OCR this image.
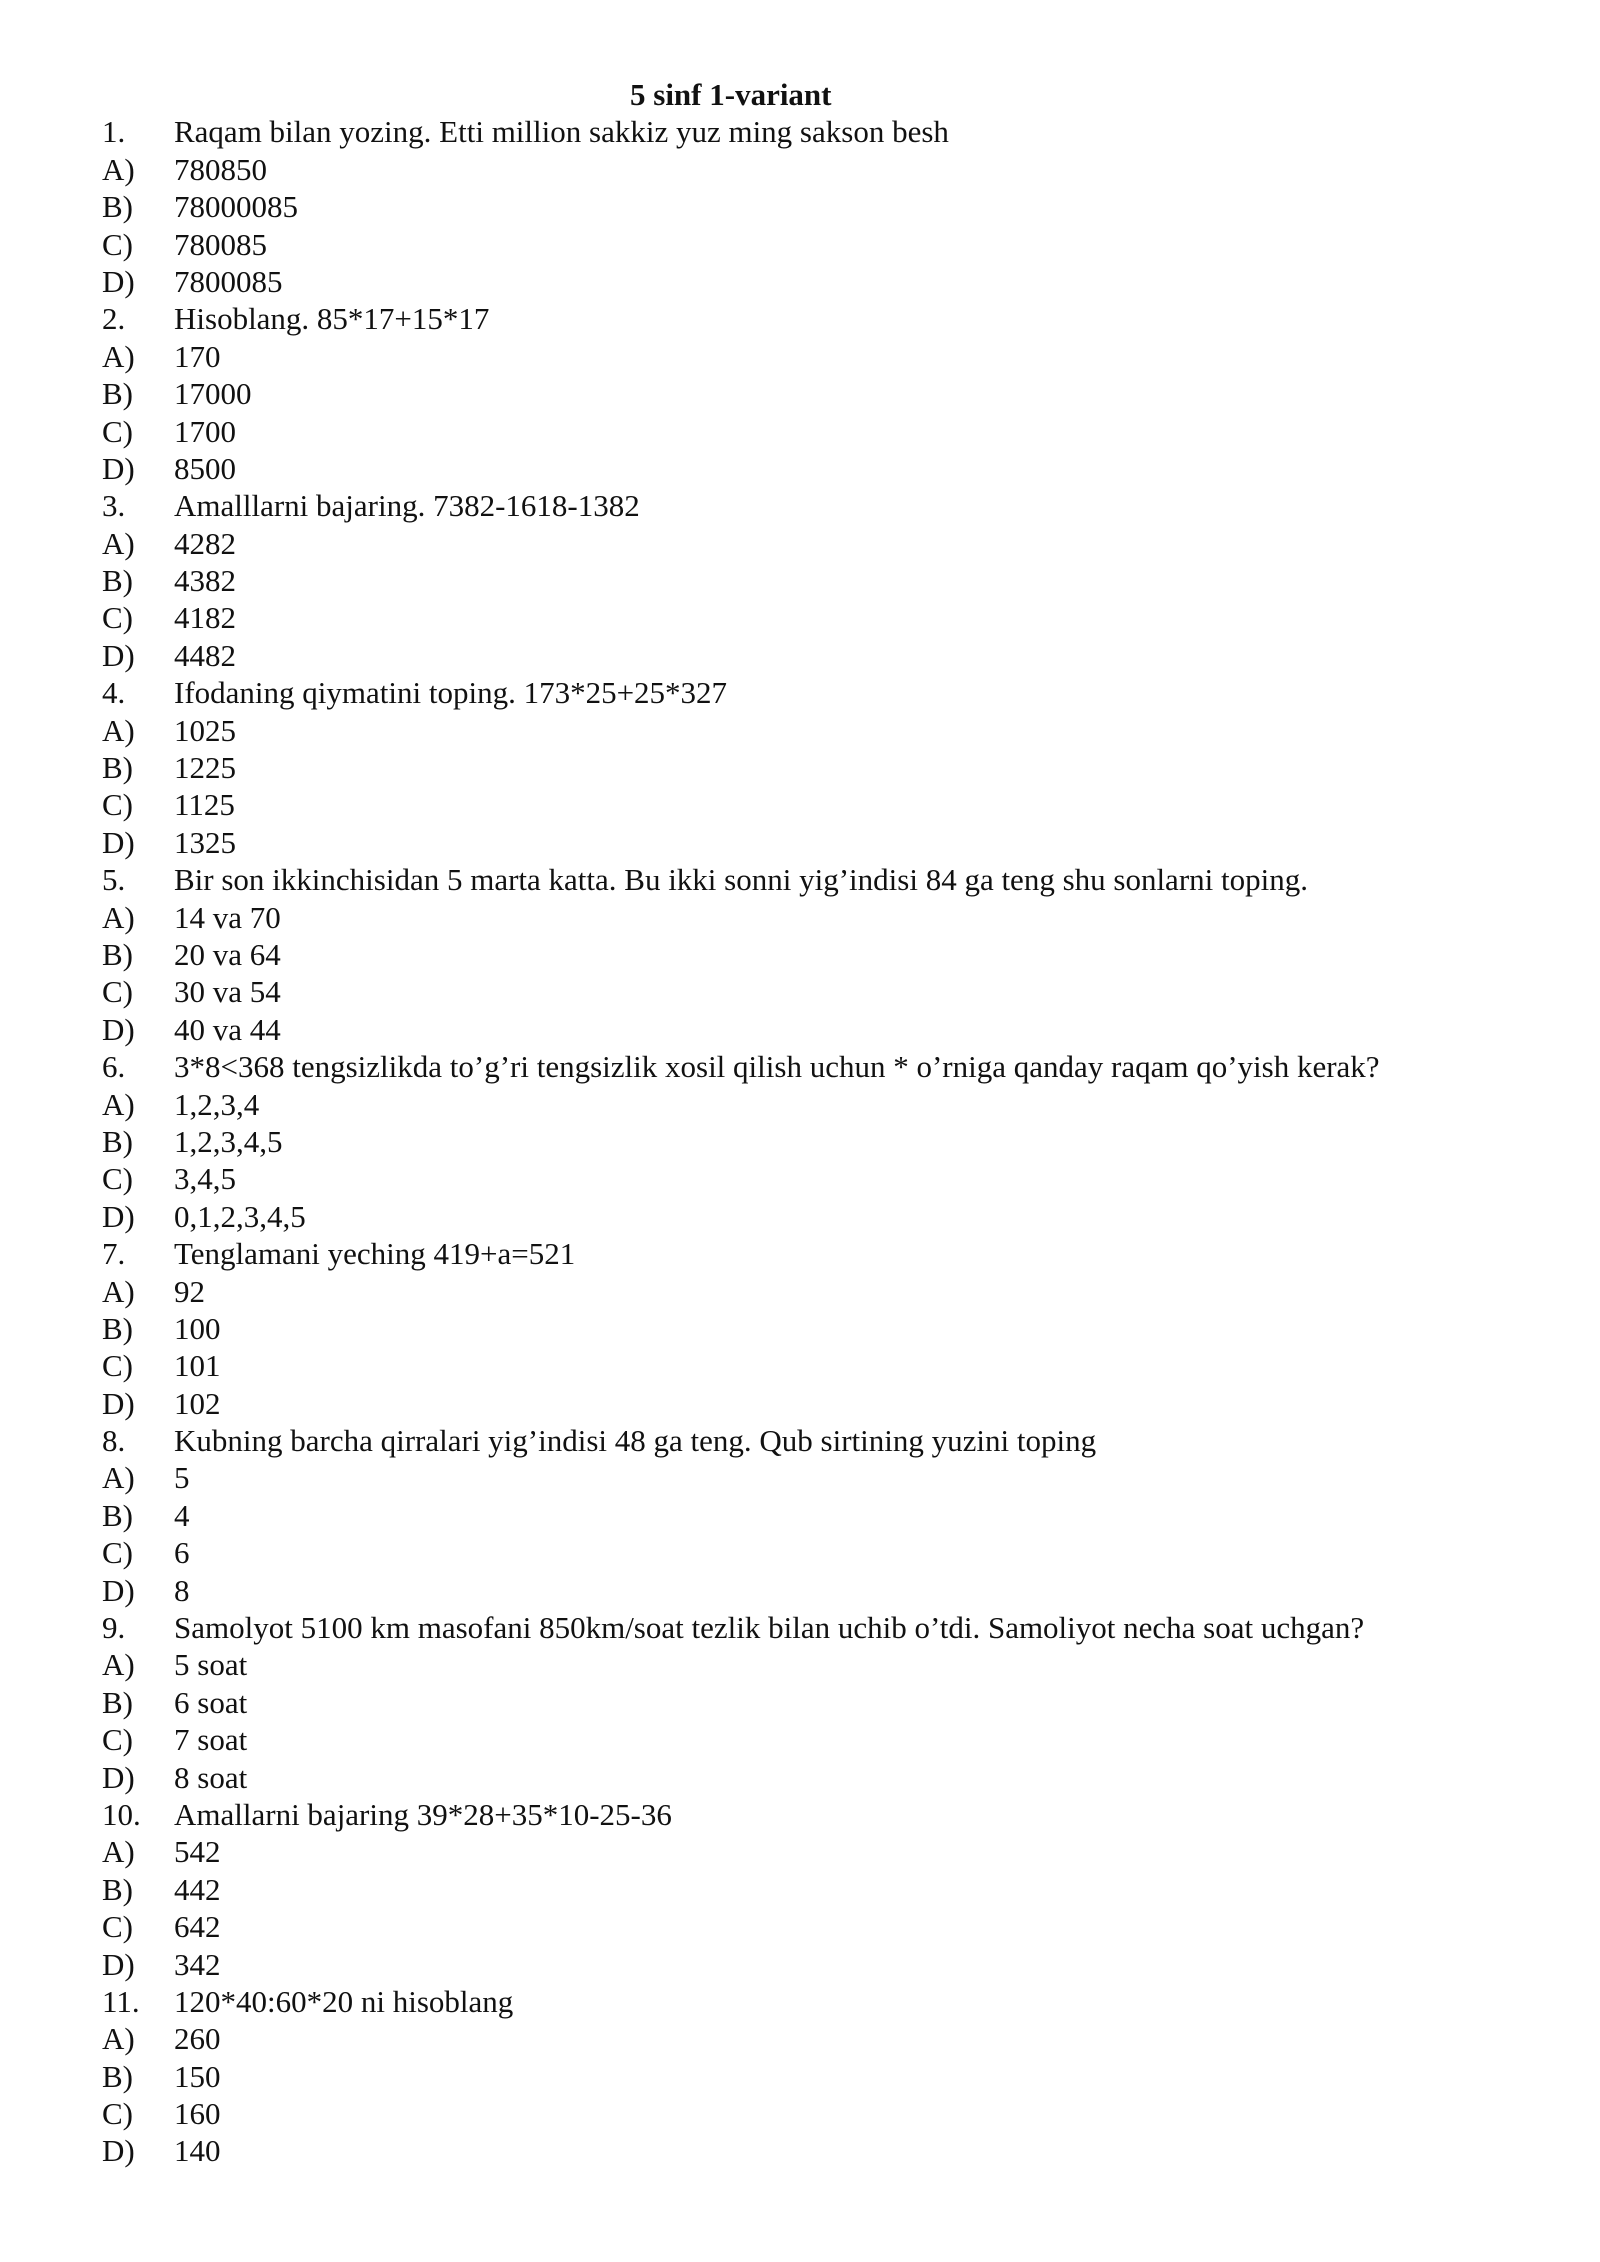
5 sinf 1-variant
1.	Raqam bilan yozing. Etti million sakkiz yuz ming sakson besh
A)	780850
B)	78000085
C)	780085
D)	7800085
2.	Hisoblang. 85*17+15*17
A)	170
B)	17000
C)	1700
D)	8500
3.	Amalllarni bajaring. 7382-1618-1382
A)	4282
B)	4382
C)	4182
D)	4482
4.	Ifodaning qiymatini toping. 173*25+25*327
A)	1025
B)	1225
C)	1125
D)	1325
5.	Bir son ikkinchisidan 5 marta katta. Bu ikki sonni yig’indisi 84 ga teng shu sonlarni toping.
A)	14 va 70
B)	20 va 64
C)	30 va 54
D)	40 va 44
6.	3*8<368 tengsizlikda to’g’ri tengsizlik xosil qilish uchun * o’rniga qanday raqam qo’yish kerak?
A)	1,2,3,4
B)	1,2,3,4,5
C)	3,4,5
D)	0,1,2,3,4,5
7.	Tenglamani yeching 419+a=521
A)	92
B)	100
C)	101
D)	102
8.	Kubning barcha qirralari yig’indisi 48 ga teng. Qub sirtining yuzini toping
A)	5
B)	4
C)	6
D)	8
9.	Samolyot 5100 km masofani 850km/soat tezlik bilan uchib o’tdi. Samoliyot necha soat uchgan?
A)	5 soat
B)	6 soat
C)	7 soat
D)	8 soat
10.	Amallarni bajaring 39*28+35*10-25-36
A)	542
B)	442
C)	642
D)	342
11.	120*40:60*20 ni hisoblang
A)	260
B)	150
C)	160
D)	140
